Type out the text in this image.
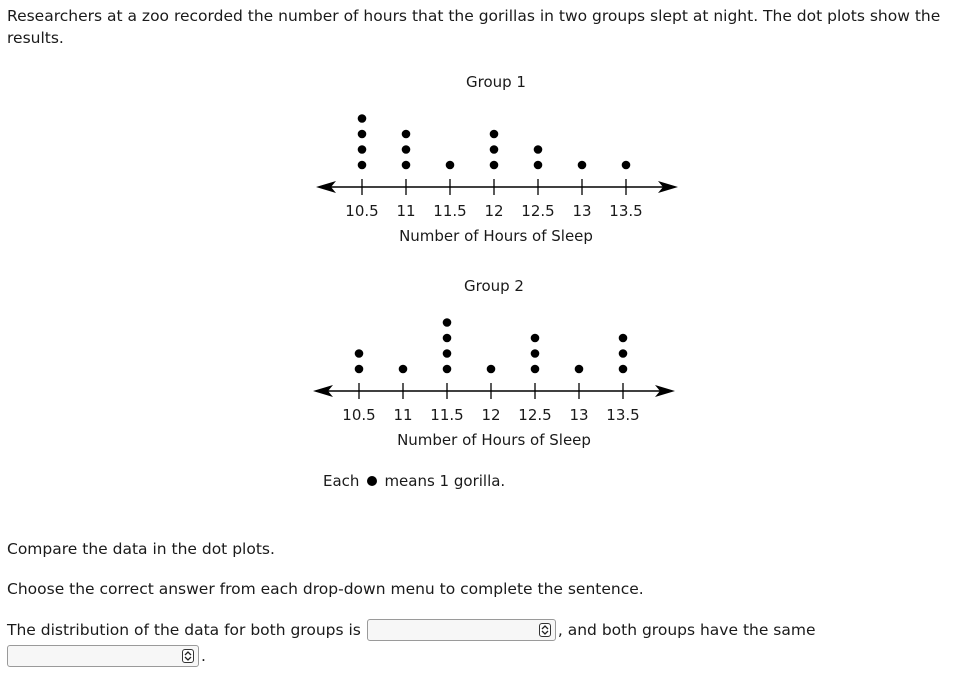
Researchers at a zoo recorded the number of hours that the gorillas in two groups slept at night. The dot plots show the results.

Group 1
10.5 11 11.5 12 12.5 13 13.5
Number of Hours of Sleep
Group 2
10.5 11 11.5 12 12.5 13 13.5
Number of Hours of Sleep
Each means 1 gorilla.

Compare the data in the dot plots.

Choose the correct answer from each drop-down menu to complete the sentence.

The distribution of the data for both groups is	, and both groups have the same
.
